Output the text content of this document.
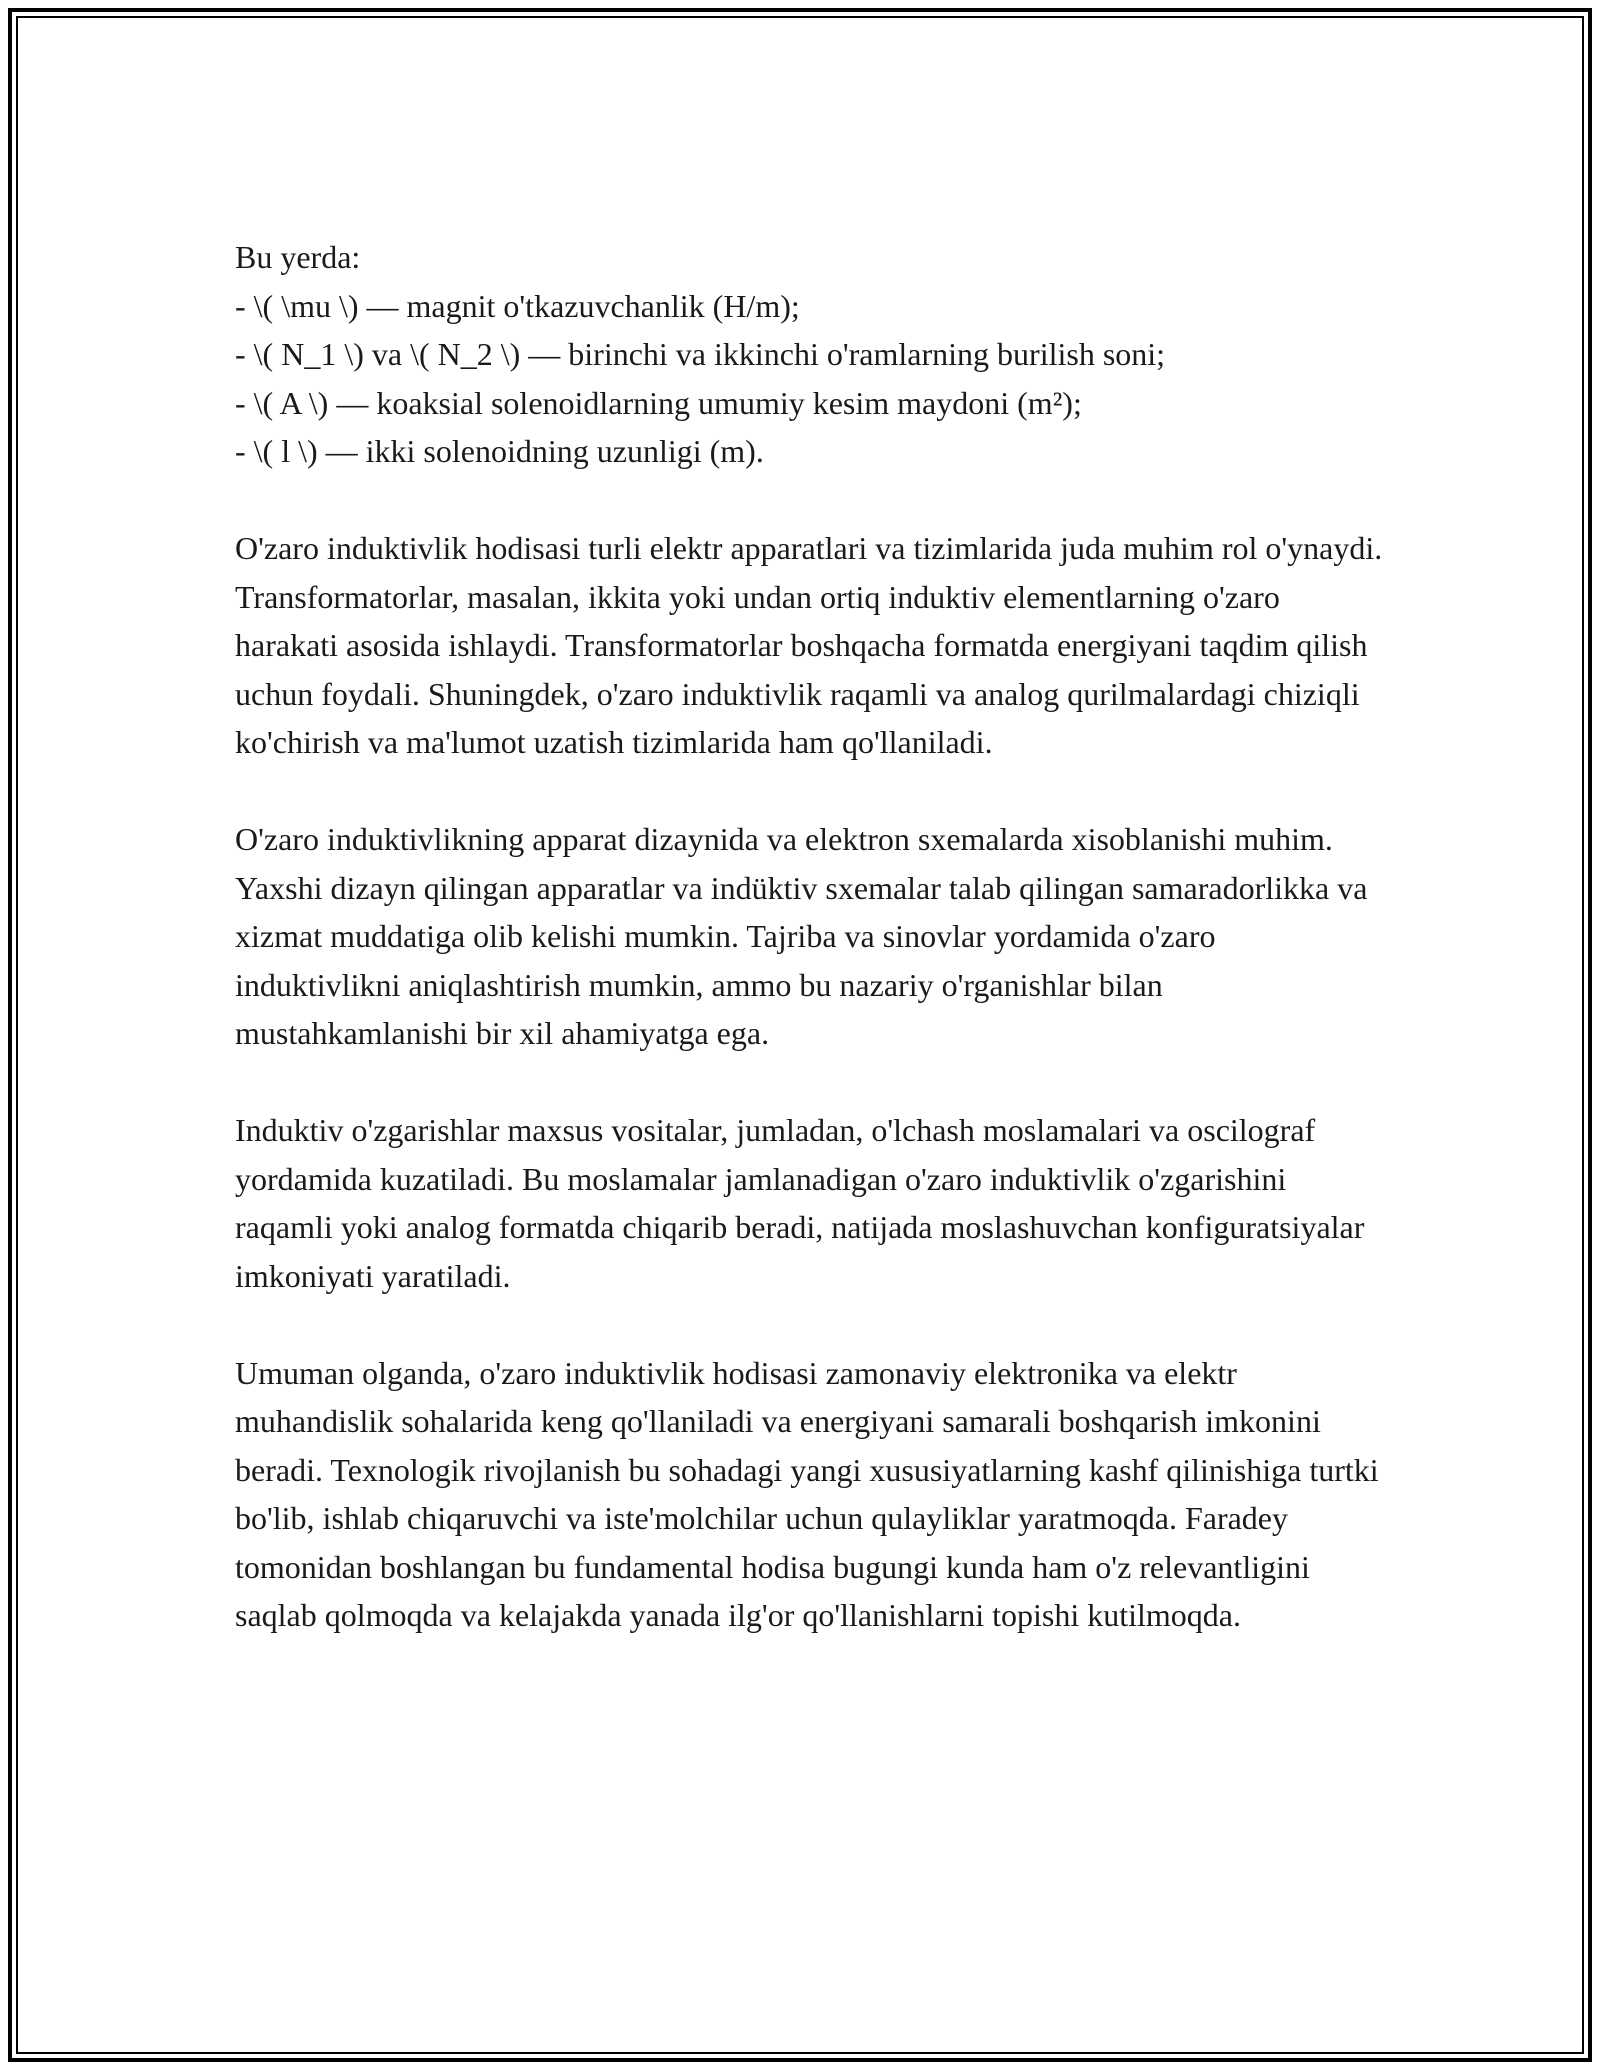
Bu yerda:

- \( \mu \) — magnit o'tkazuvchanlik (H/m);

- \( N_1 \) va \( N_2 \) — birinchi va ikkinchi o'ramlarning burilish soni;

- \( A \) — koaksial solenoidlarning umumiy kesim maydoni (m²);

- \( l \) — ikki solenoidning uzunligi (m).

O'zaro induktivlik hodisasi turli elektr apparatlari va tizimlarida juda muhim rol o'ynaydi. Transformatorlar, masalan, ikkita yoki undan ortiq induktiv elementlarning o'zaro harakati asosida ishlaydi. Transformatorlar boshqacha formatda energiyani taqdim qilish uchun foydali. Shuningdek, o'zaro induktivlik raqamli va analog qurilmalardagi chiziqli ko'chirish va ma'lumot uzatish tizimlarida ham qo'llaniladi.

O'zaro induktivlikning apparat dizaynida va elektron sxemalarda xisoblanishi muhim. Yaxshi dizayn qilingan apparatlar va indüktiv sxemalar talab qilingan samaradorlikka va xizmat muddatiga olib kelishi mumkin. Tajriba va sinovlar yordamida o'zaro induktivlikni aniqlashtirish mumkin, ammo bu nazariy o'rganishlar bilan mustahkamlanishi bir xil ahamiyatga ega.

Induktiv o'zgarishlar maxsus vositalar, jumladan, o'lchash moslamalari va oscilograf yordamida kuzatiladi. Bu moslamalar jamlanadigan o'zaro induktivlik o'zgarishini raqamli yoki analog formatda chiqarib beradi, natijada moslashuvchan konfiguratsiyalar imkoniyati yaratiladi.

Umuman olganda, o'zaro induktivlik hodisasi zamonaviy elektronika va elektr muhandislik sohalarida keng qo'llaniladi va energiyani samarali boshqarish imkonini beradi. Texnologik rivojlanish bu sohadagi yangi xususiyatlarning kashf qilinishiga turtki bo'lib, ishlab chiqaruvchi va iste'molchilar uchun qulayliklar yaratmoqda. Faradey tomonidan boshlangan bu fundamental hodisa bugungi kunda ham o'z relevantligini saqlab qolmoqda va kelajakda yanada ilg'or qo'llanishlarni topishi kutilmoqda.
